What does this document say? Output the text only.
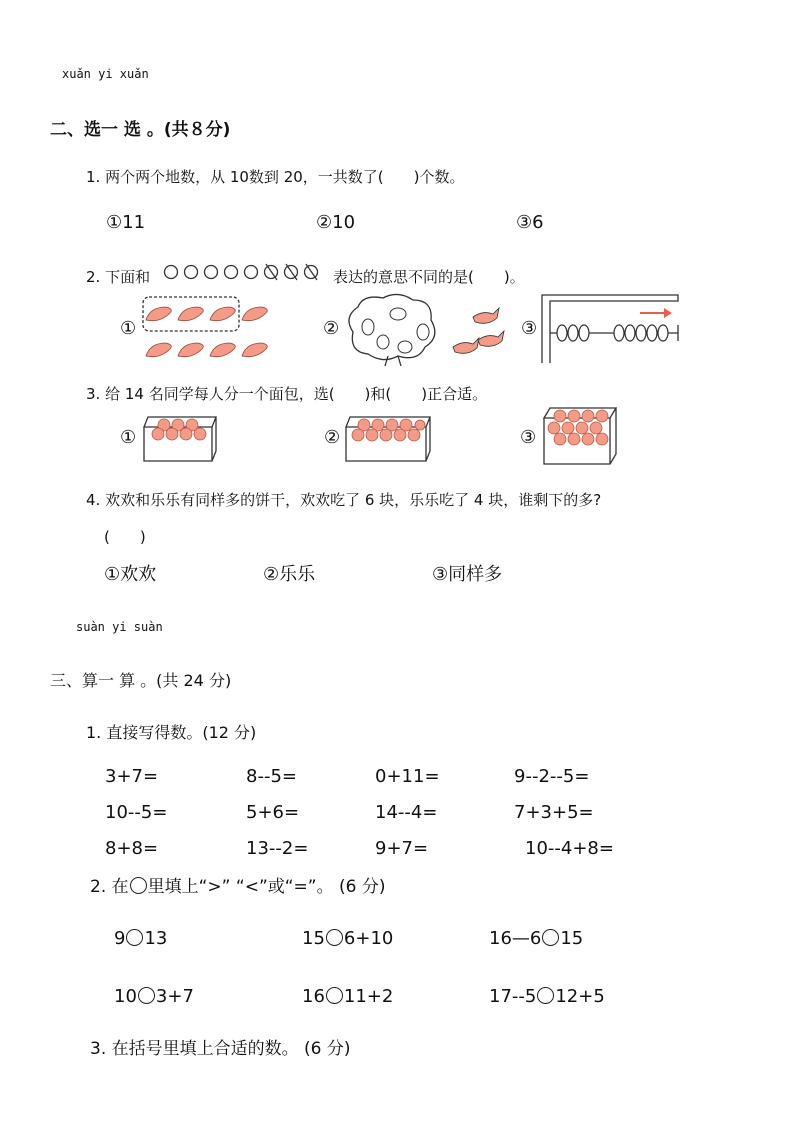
xuǎn yi xuǎn
二、选一 选 。(共８分)
1. 两个两个地数，从 10数到 20，一共数了(　　)个数。
①11	②10	③6
2. 下面和	表达的意思不同的是(　　)。
①	②	③
3. 给 14 名同学每人分一个面包，选(　　)和(　　)正合适。
①	②	③
4. 欢欢和乐乐有同样多的饼干，欢欢吃了 6 块，乐乐吃了 4 块，谁剩下的多?
(　　)
①欢欢	②乐乐	③同样多
suàn yi suàn
三、算一 算 。(共 24 分)
1. 直接写得数。(12 分)
3+7=	8--5=	0+11=	9--2--5=
10--5=	5+6=	14--4=	7+3+5=
8+8=	13--2=	9+7=	10--4+8=
2. 在 里填上“>” “<”或“=”。 (6 分)
9 13	15 6+10	16—6 15
10 3+7	16 11+2	17--5 12+5
3. 在括号里填上合适的数。 (6 分)
